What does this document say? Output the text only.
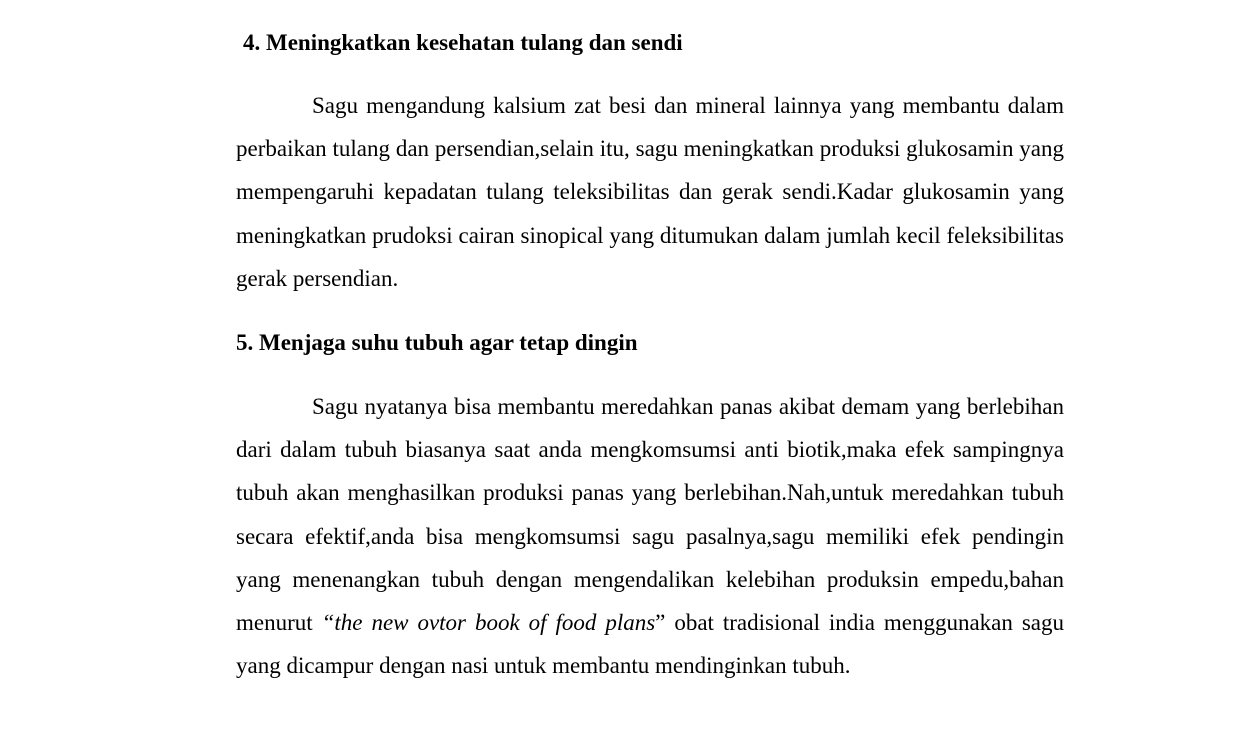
4. Meningkatkan kesehatan tulang dan sendi

Sagu mengandung kalsium zat besi dan mineral lainnya yang membantu dalam perbaikan tulang dan persendian,selain itu, sagu meningkatkan produksi glukosamin yang mempengaruhi kepadatan tulang teleksibilitas dan gerak sendi.Kadar glukosamin yang meningkatkan prudoksi cairan sinopical yang ditumukan dalam jumlah kecil feleksibilitas gerak persendian.

5. Menjaga suhu tubuh agar tetap dingin

Sagu nyatanya bisa membantu meredahkan panas akibat demam yang berlebihan dari dalam tubuh biasanya saat anda mengkomsumsi anti biotik,maka efek sampingnya tubuh akan menghasilkan produksi panas yang berlebihan.Nah,untuk meredahkan tubuh secara efektif,anda bisa mengkomsumsi sagu pasalnya,sagu memiliki efek pendingin yang menenangkan tubuh dengan mengendalikan kelebihan produksin empedu,bahan menurut “the new ovtor book of food plans” obat tradisional india menggunakan sagu yang dicampur dengan nasi untuk membantu mendinginkan tubuh.
